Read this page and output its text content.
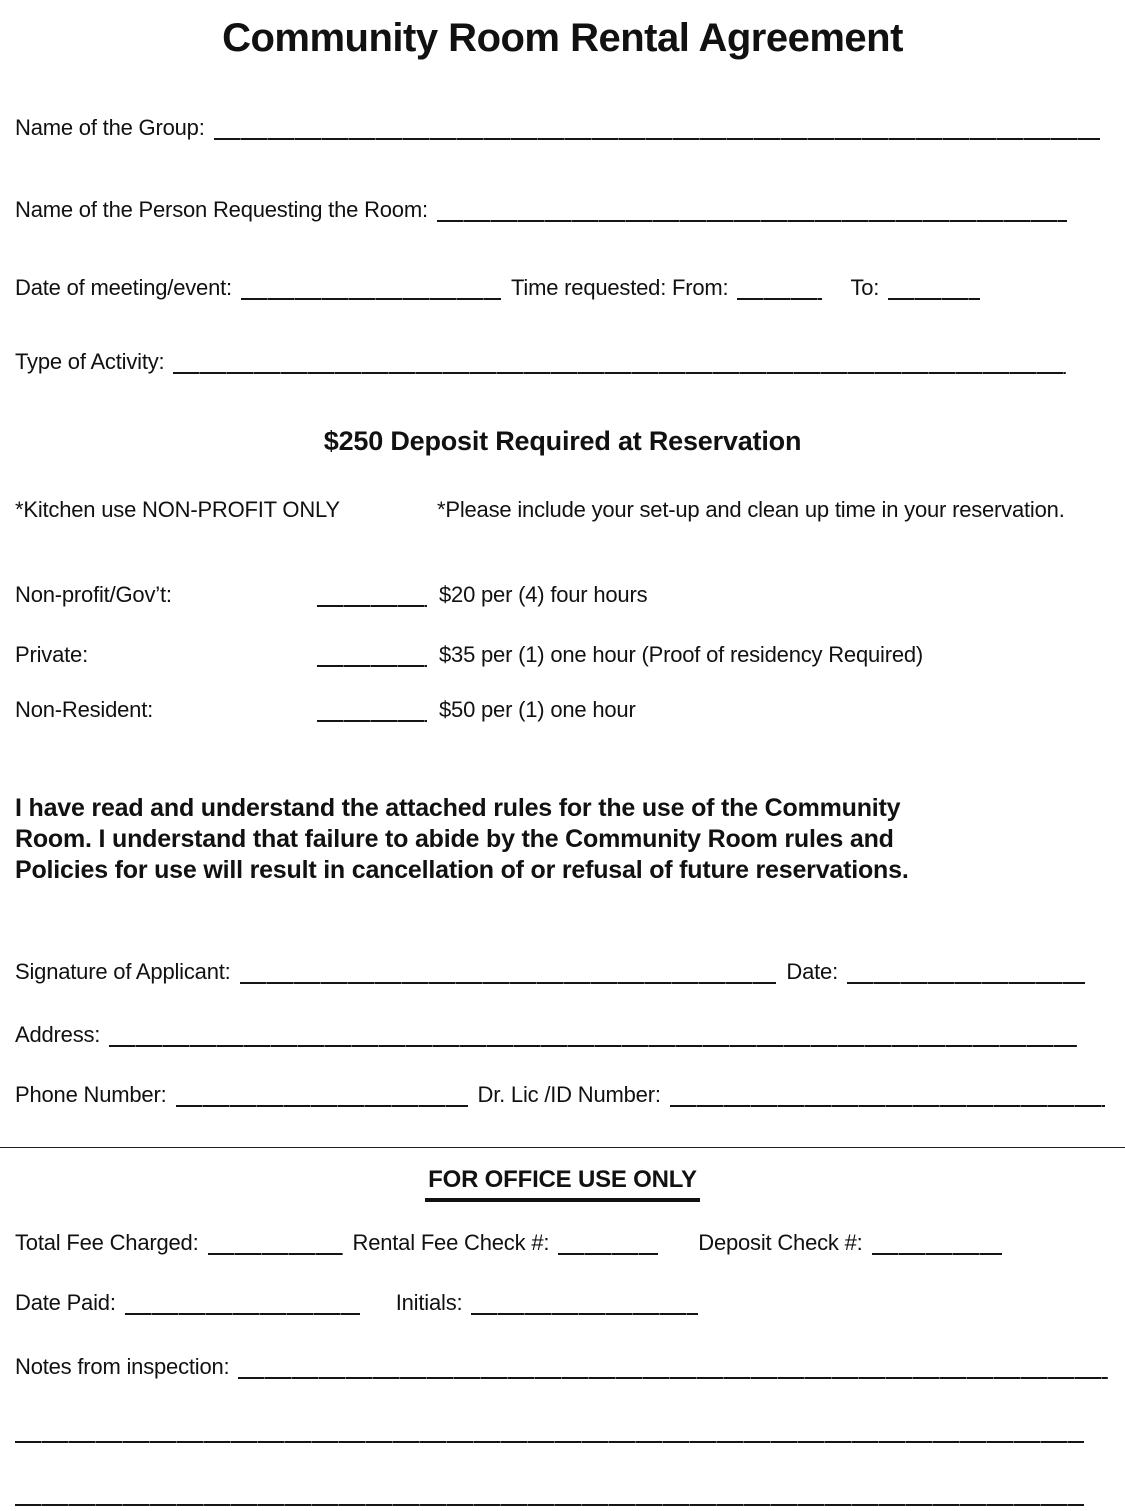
Community Room Rental Agreement
Name of the Group:
Name of the Person Requesting the Room:
Date of meeting/event:	Time requested: From:	To:
Type of Activity:
$250 Deposit Required at Reservation
*Kitchen use NON-PROFIT ONLY	*Please include your set-up and clean up time in your reservation.
Non-profit/Gov’t:	$20 per (4) four hours
Private:	$35 per (1) one hour (Proof of residency Required)
Non-Resident:	$50 per (1) one hour
I have read and understand the attached rules for the use of the Community
Room. I understand that failure to abide by the Community Room rules and
Policies for use will result in cancellation of or refusal of future reservations.
Signature of Applicant:	Date:
Address:
Phone Number:	Dr. Lic /ID Number:
FOR OFFICE USE ONLY
Total Fee Charged:	Rental Fee Check #:	Deposit Check #:
Date Paid:	Initials:
Notes from inspection:
